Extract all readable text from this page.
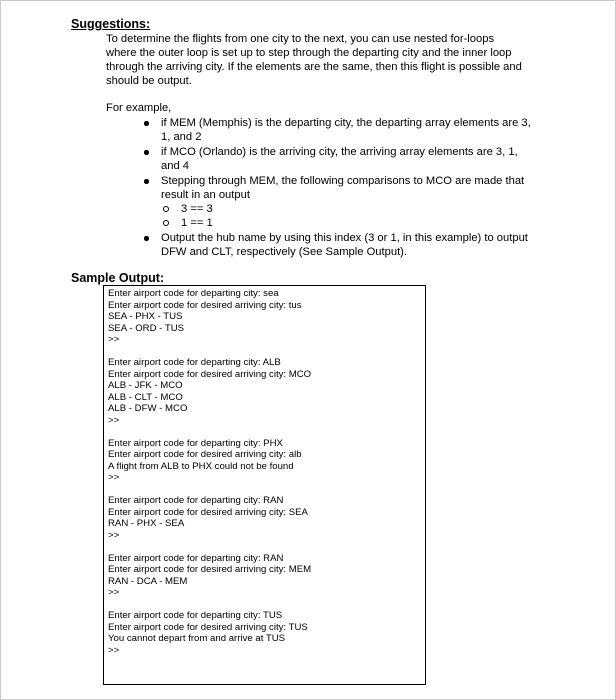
Suggestions:
To determine the flights from one city to the next, you can use nested for-loops where the outer loop is set up to step through the departing city and the inner loop through the arriving city. If the elements are the same, then this flight is possible and should be output.
For example,
if MEM (Memphis) is the departing city, the departing array elements are 3, 1, and 2
if MCO (Orlando) is the arriving city, the arriving array elements are 3, 1, and 4
Stepping through MEM, the following comparisons to MCO are made that result in an output
3 == 3
1 == 1
Output the hub name by using this index (3 or 1, in this example) to output DFW and CLT, respectively (See Sample Output).
Sample Output:
Enter airport code for departing city: sea
Enter airport code for desired arriving city: tus
SEA - PHX - TUS
SEA - ORD - TUS
>>
Enter airport code for departing city: ALB
Enter airport code for desired arriving city: MCO
ALB - JFK - MCO
ALB - CLT - MCO
ALB - DFW - MCO
>>
Enter airport code for departing city: PHX
Enter airport code for desired arriving city: alb
A flight from ALB to PHX could not be found
>>
Enter airport code for departing city: RAN
Enter airport code for desired arriving city: SEA
RAN - PHX - SEA
>>
Enter airport code for departing city: RAN
Enter airport code for desired arriving city: MEM
RAN - DCA - MEM
>>
Enter airport code for departing city: TUS
Enter airport code for desired arriving city: TUS
You cannot depart from and arrive at TUS
>>
